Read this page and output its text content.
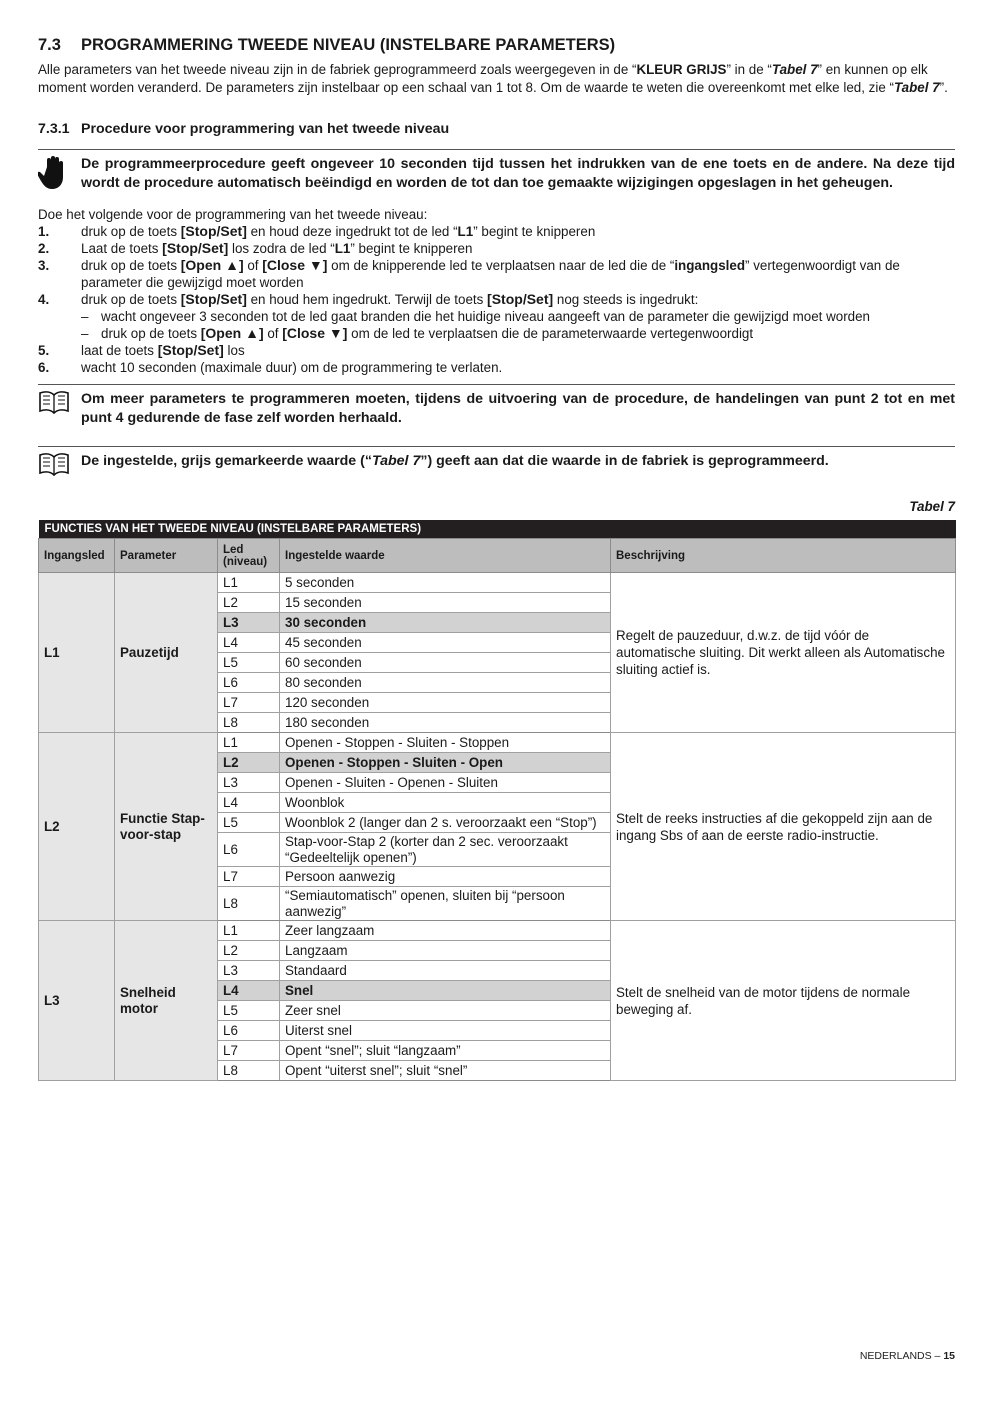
7.3	PROGRAMMERING TWEEDE NIVEAU (INSTELBARE PARAMETERS)

Alle parameters van het tweede niveau zijn in de fabriek geprogrammeerd zoals weergegeven in de “KLEUR GRIJS” in de “Tabel 7” en kunnen op elk moment worden veranderd. De parameters zijn instelbaar op een schaal van 1 tot 8. Om de waarde te weten die overeenkomt met elke led, zie “Tabel 7”.

7.3.1 Procedure voor programmering van het tweede niveau
De programmeerprocedure geeft ongeveer 10 seconden tijd tussen het indrukken van de ene toets en de andere. Na deze tijd wordt de procedure automatisch beëindigd en worden de tot dan toe gemaakte wijzigingen opgeslagen in het geheugen.

Doe het volgende voor de programmering van het tweede niveau:

1.	druk op de toets [Stop/Set] en houd deze ingedrukt tot de led “L1” begint te knipperen
2.	Laat de toets [Stop/Set] los zodra de led “L1” begint te knipperen
3.	druk op de toets [Open ▲] of [Close ▼] om de knipperende led te verplaatsen naar de led die de “ingangsled” vertegenwoordigt van de parameter die gewijzigd moet worden
4.	druk op de toets [Stop/Set] en houd hem ingedrukt. Terwijl de toets [Stop/Set] nog steeds is ingedrukt:
– wacht ongeveer 3 seconden tot de led gaat branden die het huidige niveau aangeeft van de parameter die gewijzigd moet worden
– druk op de toets [Open ▲] of [Close ▼] om de led te verplaatsen die de parameterwaarde vertegenwoordigt
5.	laat de toets [Stop/Set] los
6.	wacht 10 seconden (maximale duur) om de programmering te verlaten.
Om meer parameters te programmeren moeten, tijdens de uitvoering van de procedure, de handelingen van punt 2 tot en met punt 4 gedurende de fase zelf worden herhaald.
De ingestelde, grijs gemarkeerde waarde (“Tabel 7”) geeft aan dat die waarde in de fabriek is geprogrammeerd.
Tabel 7
FUNCTIES VAN HET TWEEDE NIVEAU (INSTELBARE PARAMETERS)				
Ingangsled	Parameter	Led (niveau)	Ingestelde waarde	Beschrijving
L1	Pauzetijd	L1	5 seconden	Regelt de pauzeduur, d.w.z. de tijd vóór de automatische sluiting. Dit werkt alleen als Automatische sluiting actief is.
		L2	15 seconden	
		L3	30 seconden	
		L4	45 seconden	
		L5	60 seconden	
		L6	80 seconden	
		L7	120 seconden	
		L8	180 seconden	
L2	Functie Stap-voor-stap	L1	Openen - Stoppen - Sluiten - Stoppen	Stelt de reeks instructies af die gekoppeld zijn aan de ingang Sbs of aan de eerste radio-instructie.
		L2	Openen - Stoppen - Sluiten - Open	
		L3	Openen - Sluiten - Openen - Sluiten	
		L4	Woonblok	
		L5	Woonblok 2 (langer dan 2 s. veroorzaakt een “Stop”)	
		L6	Stap-voor-Stap 2 (korter dan 2 sec. veroorzaakt “Gedeeltelijk openen”)	
		L7	Persoon aanwezig	
		L8	“Semiautomatisch” openen, sluiten bij “persoon aanwezig”	
L3	Snelheid motor	L1	Zeer langzaam	Stelt de snelheid van de motor tijdens de normale beweging af.
		L2	Langzaam	
		L3	Standaard	
		L4	Snel	
		L5	Zeer snel	
		L6	Uiterst snel	
		L7	Opent “snel”; sluit “langzaam”	
		L8	Opent “uiterst snel”; sluit “snel”	
NEDERLANDS – 15
